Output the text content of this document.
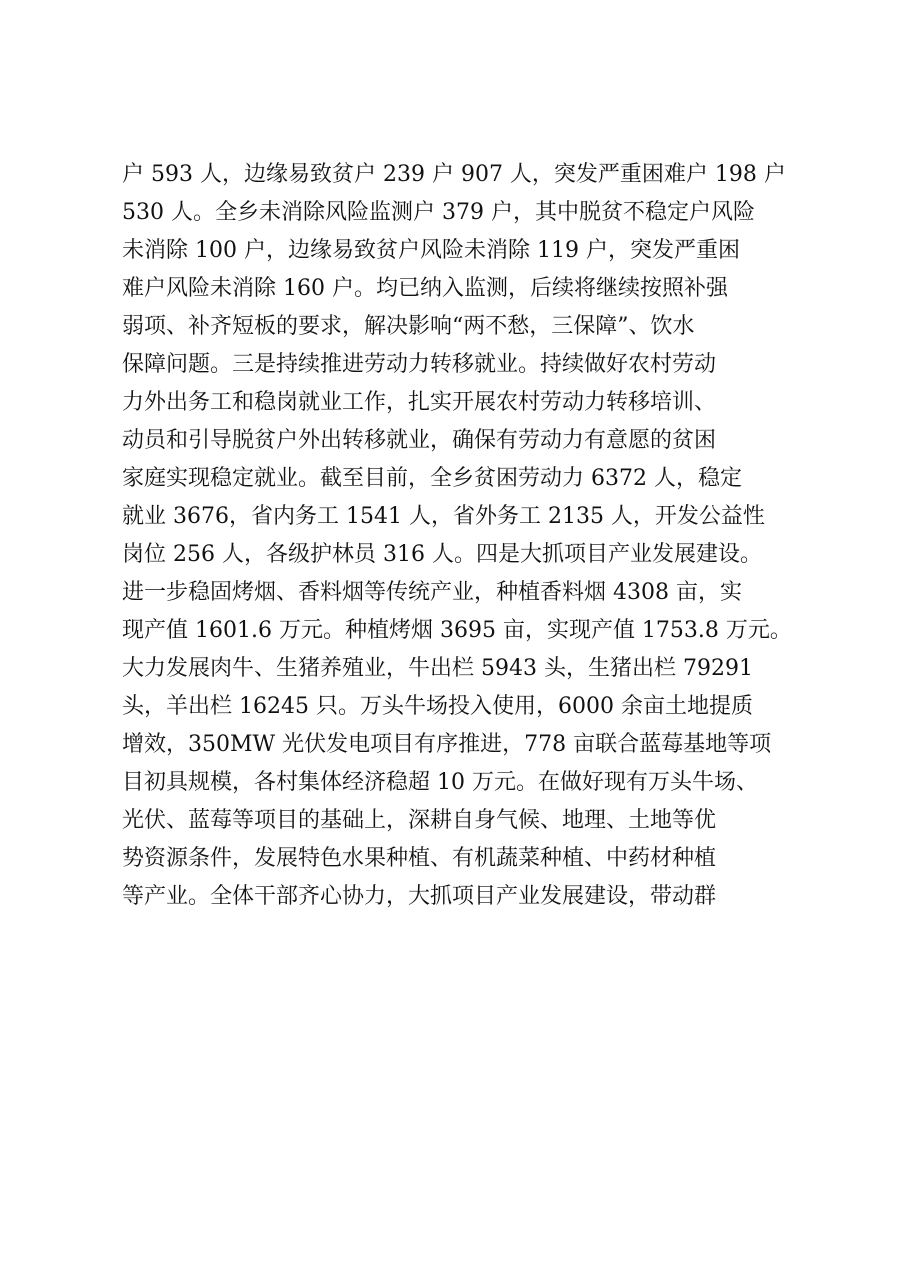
户 593 人，边缘易致贫户 239 户 907 人，突发严重困难户 198 户
530 人。全乡未消除风险监测户 379 户，其中脱贫不稳定户风险
未消除 100 户，边缘易致贫户风险未消除 119 户，突发严重困
难户风险未消除 160 户。均已纳入监测，后续将继续按照补强
弱项、补齐短板的要求，解决影响“两不愁，三保障”、饮水
保障问题。三是持续推进劳动力转移就业。持续做好农村劳动
力外出务工和稳岗就业工作，扎实开展农村劳动力转移培训、
动员和引导脱贫户外出转移就业，确保有劳动力有意愿的贫困
家庭实现稳定就业。截至目前，全乡贫困劳动力 6372 人，稳定
就业 3676，省内务工 1541 人，省外务工 2135 人，开发公益性
岗位 256 人，各级护林员 316 人。四是大抓项目产业发展建设。
进一步稳固烤烟、香料烟等传统产业，种植香料烟 4308 亩，实
现产值 1601.6 万元。种植烤烟 3695 亩，实现产值 1753.8 万元。
大力发展肉牛、生猪养殖业，牛出栏 5943 头，生猪出栏 79291
头，羊出栏 16245 只。万头牛场投入使用，6000 余亩土地提质
增效，350MW 光伏发电项目有序推进，778 亩联合蓝莓基地等项
目初具规模，各村集体经济稳超 10 万元。在做好现有万头牛场、
光伏、蓝莓等项目的基础上，深耕自身气候、地理、土地等优
势资源条件，发展特色水果种植、有机蔬菜种植、中药材种植
等产业。全体干部齐心协力，大抓项目产业发展建设，带动群
